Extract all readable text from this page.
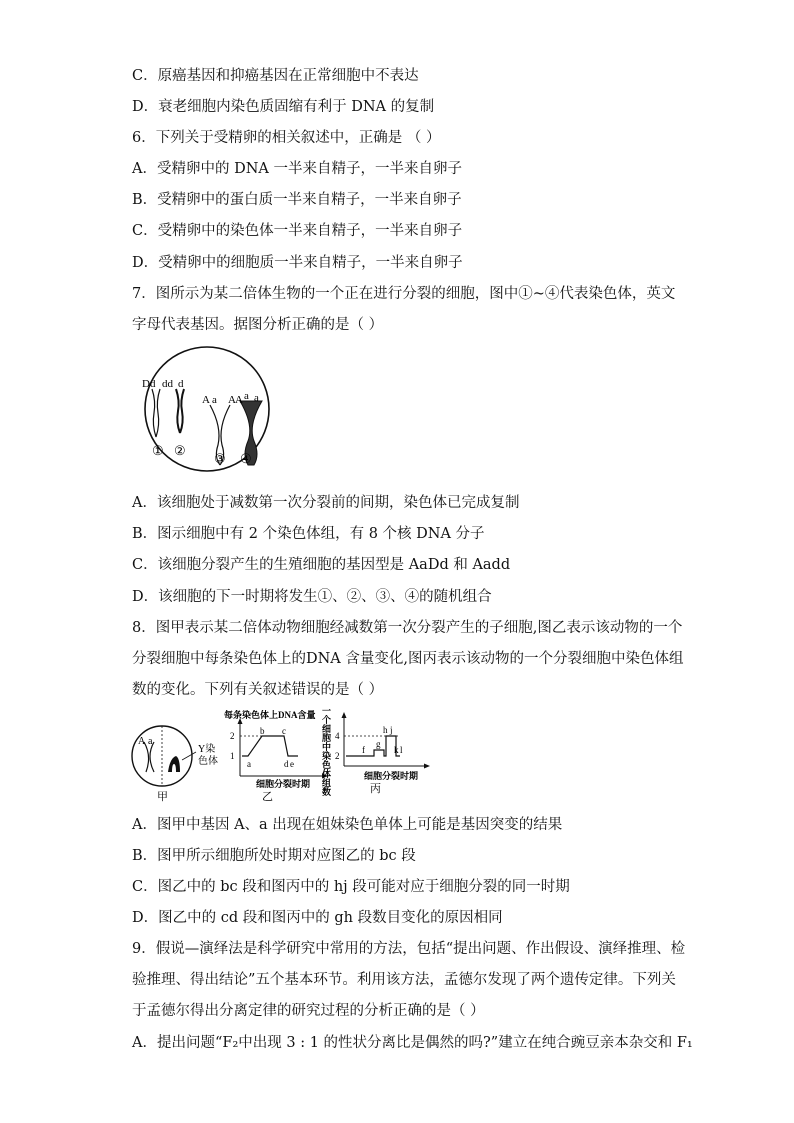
C．原癌基因和抑癌基因在正常细胞中不表达
D．衰老细胞内染色质固缩有利于 DNA 的复制
6．下列关于受精卵的相关叙述中，正确是 （ ）
A．受精卵中的 DNA 一半来自精子，一半来自卵子
B．受精卵中的蛋白质一半来自精子，一半来自卵子
C．受精卵中的染色体一半来自精子，一半来自卵子
D．受精卵中的细胞质一半来自精子，一半来自卵子
7．图所示为某二倍体生物的一个正在进行分裂的细胞，图中①~④代表染色体，英文
字母代表基因。据图分析正确的是（ ）
Dd dd d
A a A A a a
① ②
③ ④
A．该细胞处于减数第一次分裂前的间期，染色体已完成复制
B．图示细胞中有 2 个染色体组，有 8 个核 DNA 分子
C．该细胞分裂产生的生殖细胞的基因型是 AaDd 和 Aadd
D．该细胞的下一时期将发生①、②、③、④的随机组合
8．图甲表示某二倍体动物细胞经减数第一次分裂产生的子细胞,图乙表示该动物的一个
分裂细胞中每条染色体上的DNA 含量变化,图丙表示该动物的一个分裂细胞中染色体组
数的变化。下列有关叙述错误的是（ ）
A a
Y染
色体
甲
每条染色体上DNA含量
2
1
a
b c
d e
细胞分裂时期
乙
一
个
细
胞
中
染
色
体
组
数
4
2
f
g
h j
k l
细胞分裂时期
丙
A．图甲中基因 A、a 出现在姐妹染色单体上可能是基因突变的结果
B．图甲所示细胞所处时期对应图乙的 bc 段
C．图乙中的 bc 段和图丙中的 hj 段可能对应于细胞分裂的同一时期
D．图乙中的 cd 段和图丙中的 gh 段数目变化的原因相同
9．假说—演绎法是科学研究中常用的方法，包括“提出问题、作出假设、演绎推理、检
验推理、得出结论”五个基本环节。利用该方法，孟德尔发现了两个遗传定律。下列关
于孟德尔得出分离定律的研究过程的分析正确的是（ ）
A．提出问题“F₂中出现 3 : 1 的性状分离比是偶然的吗?”建立在纯合豌豆亲本杂交和 F₁
